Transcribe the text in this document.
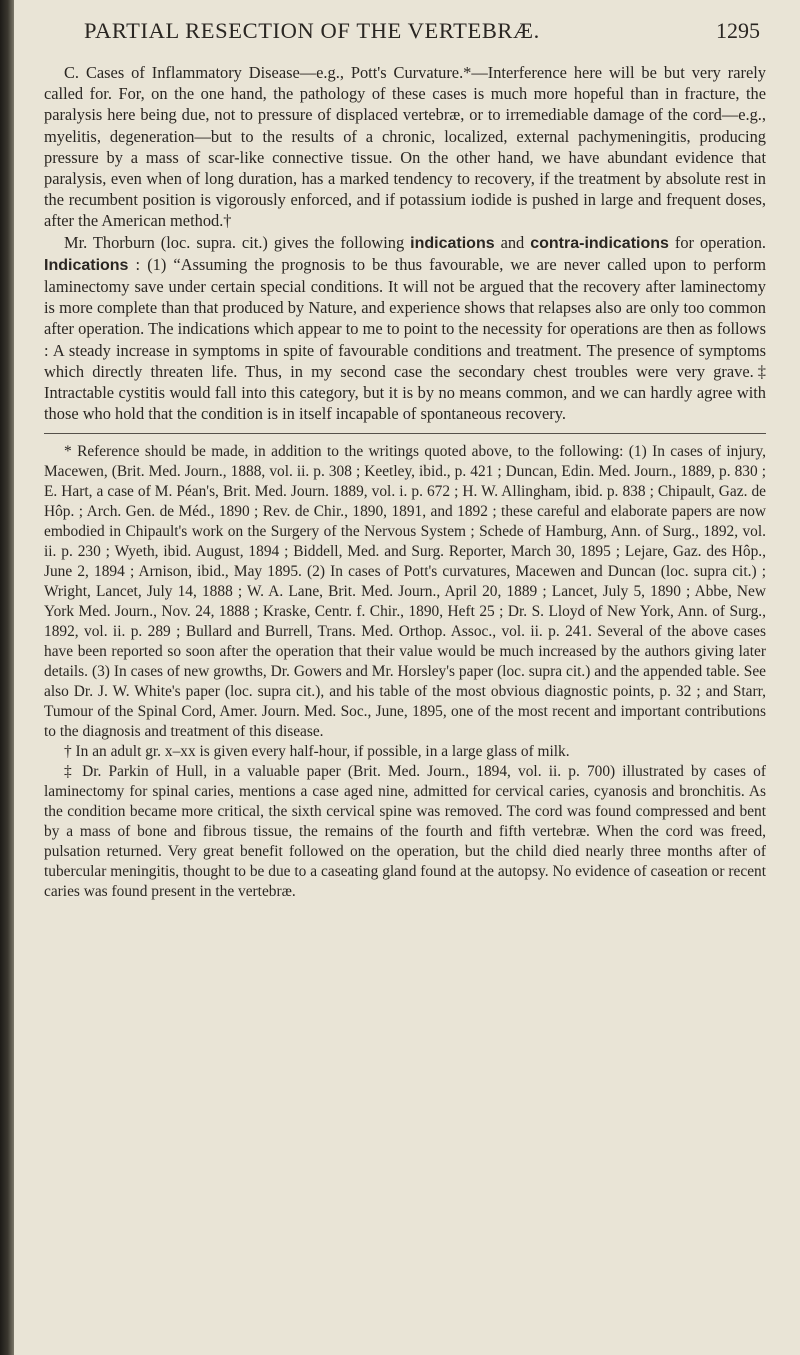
PARTIAL RESECTION OF THE VERTEBRÆ.	1295

C. Cases of Inflammatory Disease—e.g., Pott's Curvature.*—Interference here will be but very rarely called for. For, on the one hand, the pathology of these cases is much more hopeful than in fracture, the paralysis here being due, not to pressure of displaced vertebræ, or to irremediable damage of the cord—e.g., myelitis, degeneration—but to the results of a chronic, localized, external pachymeningitis, producing pressure by a mass of scar-like connective tissue. On the other hand, we have abundant evidence that paralysis, even when of long duration, has a marked tendency to recovery, if the treatment by absolute rest in the recumbent position is vigorously enforced, and if potassium iodide is pushed in large and frequent doses, after the American method.†

Mr. Thorburn (loc. supra. cit.) gives the following indications and contra-indications for operation. Indications : (1) “Assuming the prognosis to be thus favourable, we are never called upon to perform laminectomy save under certain special conditions. It will not be argued that the recovery after laminectomy is more complete than that produced by Nature, and experience shows that relapses also are only too common after operation. The indications which appear to me to point to the necessity for operations are then as follows : A steady increase in symptoms in spite of favourable conditions and treatment. The presence of symptoms which directly threaten life. Thus, in my second case the secondary chest troubles were very grave.‡ Intractable cystitis would fall into this category, but it is by no means common, and we can hardly agree with those who hold that the condition is in itself incapable of spontaneous recovery.

* Reference should be made, in addition to the writings quoted above, to the following: (1) In cases of injury, Macewen, (Brit. Med. Journ., 1888, vol. ii. p. 308 ; Keetley, ibid., p. 421 ; Duncan, Edin. Med. Journ., 1889, p. 830 ; E. Hart, a case of M. Péan's, Brit. Med. Journ. 1889, vol. i. p. 672 ; H. W. Allingham, ibid. p. 838 ; Chipault, Gaz. de Hôp. ; Arch. Gen. de Méd., 1890 ; Rev. de Chir., 1890, 1891, and 1892 ; these careful and elaborate papers are now embodied in Chipault's work on the Surgery of the Nervous System ; Schede of Hamburg, Ann. of Surg., 1892, vol. ii. p. 230 ; Wyeth, ibid. August, 1894 ; Biddell, Med. and Surg. Reporter, March 30, 1895 ; Lejare, Gaz. des Hôp., June 2, 1894 ; Arnison, ibid., May 1895. (2) In cases of Pott's curvatures, Macewen and Duncan (loc. supra cit.) ; Wright, Lancet, July 14, 1888 ; W. A. Lane, Brit. Med. Journ., April 20, 1889 ; Lancet, July 5, 1890 ; Abbe, New York Med. Journ., Nov. 24, 1888 ; Kraske, Centr. f. Chir., 1890, Heft 25 ; Dr. S. Lloyd of New York, Ann. of Surg., 1892, vol. ii. p. 289 ; Bullard and Burrell, Trans. Med. Orthop. Assoc., vol. ii. p. 241. Several of the above cases have been reported so soon after the operation that their value would be much increased by the authors giving later details. (3) In cases of new growths, Dr. Gowers and Mr. Horsley's paper (loc. supra cit.) and the appended table. See also Dr. J. W. White's paper (loc. supra cit.), and his table of the most obvious diagnostic points, p. 32 ; and Starr, Tumour of the Spinal Cord, Amer. Journ. Med. Soc., June, 1895, one of the most recent and important contributions to the diagnosis and treatment of this disease.

† In an adult gr. x–xx is given every half-hour, if possible, in a large glass of milk.

‡ Dr. Parkin of Hull, in a valuable paper (Brit. Med. Journ., 1894, vol. ii. p. 700) illustrated by cases of laminectomy for spinal caries, mentions a case aged nine, admitted for cervical caries, cyanosis and bronchitis. As the condition became more critical, the sixth cervical spine was removed. The cord was found compressed and bent by a mass of bone and fibrous tissue, the remains of the fourth and fifth vertebræ. When the cord was freed, pulsation returned. Very great benefit followed on the operation, but the child died nearly three months after of tubercular meningitis, thought to be due to a caseating gland found at the autopsy. No evidence of caseation or recent caries was found present in the vertebræ.
